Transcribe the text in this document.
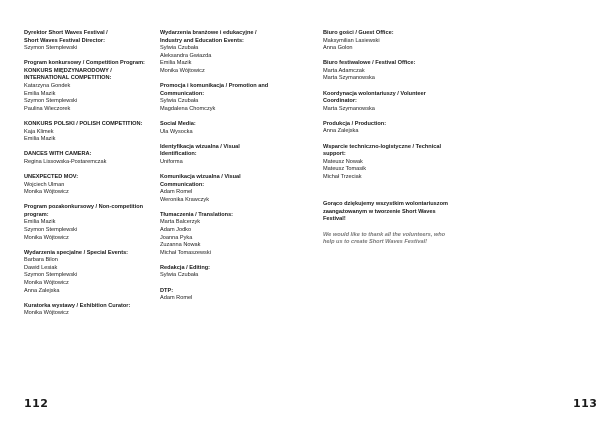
Dyrektor Short Waves Festival /
Short Waves Festival Director:
Szymon Stemplewski
Program konkursowy / Competition Program:
KONKURS MIĘDZYNARODOWY /
INTERNATIONAL COMPETITION:
Katarzyna Gondek
Emilia Mazik
Szymon Stemplewski
Paulina Wieczorek
KONKURS POLSKI / POLISH COMPETITION:
Kaja Klimek
Emilia Mazik
DANCES WITH CAMERA:
Regina Lissowska-Postaremczak
UNEXPECTED MOV:
Wojciech Ulman
Monika Wójtowicz
Program pozakonkursowy / Non-competition
program:
Emilia Mazik
Szymon Stemplewski
Monika Wójtowicz
Wydarzenia specjalne / Special Events:
Barbara Bilon
Dawid Lesiak
Szymon Stemplewski
Monika Wójtowicz
Anna Zalejska
Kuratorka wystawy / Exhibition Curator:
Monika Wójtowicz
Wydarzenia branżowe i edukacyjne /
Industry and Education Events:
Sylwia Czubała
Aleksandra Gwiazda
Emilia Mazik
Monika Wójtowicz
Promocja i komunikacja / Promotion and
Communication:
Sylwia Czubała
Magdalena Chomczyk
Social Media:
Ula Wysocka
Identyfikacja wizualna / Visual
Identification:
Uniforma
Komunikacja wizualna / Visual
Communication:
Adam Romel
Weronika Krawczyk
Tłumaczenia / Translations:
Marta Balcerzyk
Adam Jodko
Joanna Pyka
Zuzanna Nowak
Michał Tomaszewski
Redakcja / Editing:
Sylwia Czubała
DTP:
Adam Romel
Biuro gości / Guest Office:
Maksymilian Lasiewski
Anna Golon
Biuro festiwalowe / Festival Office:
Marta Adamczak
Marta Szymanowska
Koordynacja wolontariuszy / Volunteer
Coordinator:
Marta Szymanowska
Produkcja / Production:
Anna Zalejska
Wsparcie techniczno-logistyczne / Technical
support:
Mateusz Nowak
Mateusz Tomasik
Michał Trzeciak
Gorąco dziękujemy wszystkim wolontariuszom
zaangażowanym w tworzenie Short Waves
Festival!
We would like to thank all the volunteers, who
help us to create Short Waves Festival!
112	113
